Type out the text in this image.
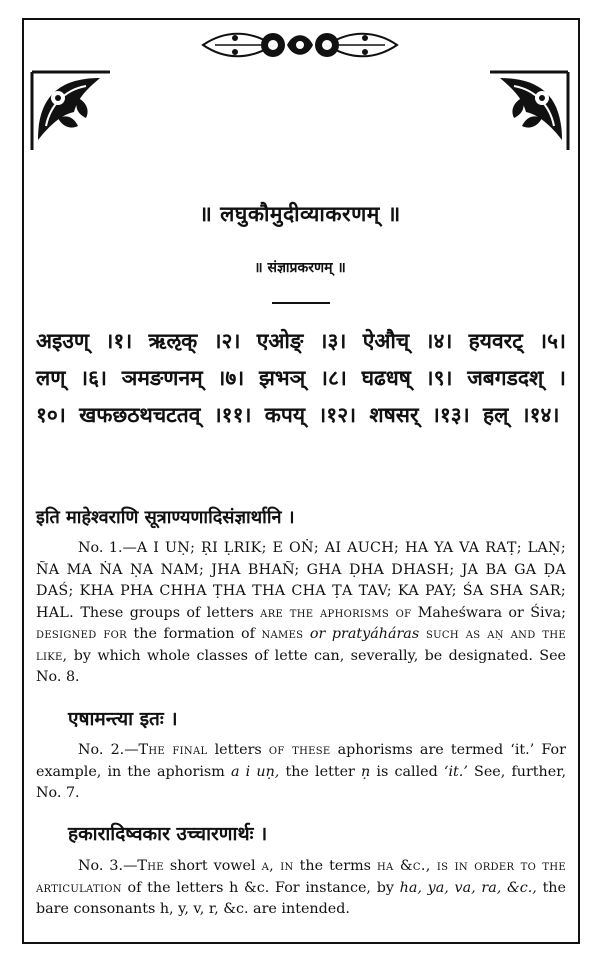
॥ लघुकौमुदीव्याकरणम् ॥
॥ संज्ञाप्रकरणम् ॥
अइउण् ।१। ऋऌक् ।२। एओङ् ।३। ऐऔच् ।४। हयवरट् ।५। लण् ।६। ञमङणनम् ।७। झभञ् ।८। घढधष् ।९। जबगडदश् ।१०। खफछठथचटतव् ।११। कपय् ।१२। शषसर् ।१३। हल् ।१४।
इति माहेश्वराणि सूत्राण्यणादिसंज्ञार्थानि ।
No. 1.—A I UṆ; ṚI ḶRIK; E OṄ; AI AUCH; HA YA VA RAṬ; LAṆ; ÑA MA ṄA ṆA NAM; JHA BHAÑ; GHA ḌHA DHASH; JA BA GA ḌA DAŚ; KHA PHA CHHA ṬHA THA CHA ṬA TAV; KA PAY; ŚA SHA SAR; HAL. These groups of letters are the aphorisms of Maheśwara or Śiva; designed for the formation of names or pratyáháras such as aṇ and the like, by which whole classes of lette can, severally, be designated. See No. 8.
एषामन्त्या इतः ।
No. 2.—The final letters of these aphorisms are termed ‘it.’ For example, in the aphorism a i uṇ, the letter ṇ is called ‘it.’ See, further, No. 7.
हकारादिष्वकार उच्चारणार्थः ।
No. 3.—The short vowel a, in the terms ha &c., is in order to the articulation of the letters h &c. For instance, by ha, ya, va, ra, &c., the bare consonants h, y, v, r, &c. are intended.
